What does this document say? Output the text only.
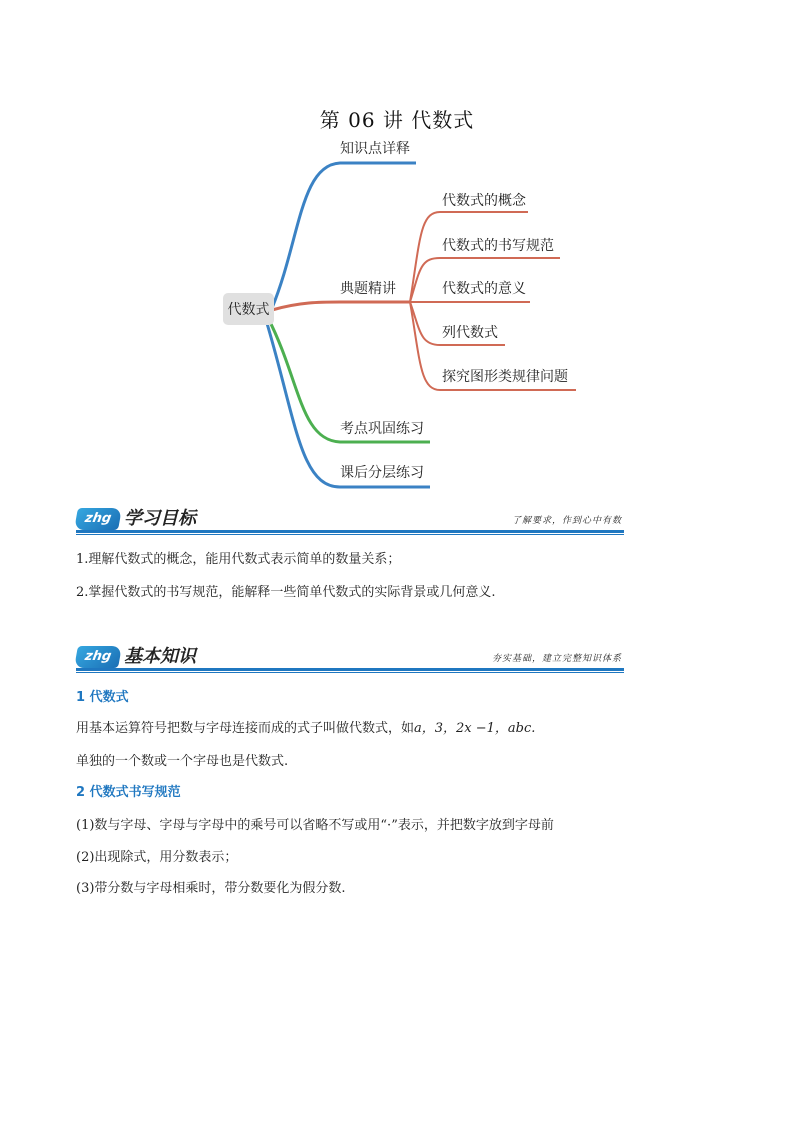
第 06 讲 代数式
代数式
知识点详释
典题精讲
考点巩固练习
课后分层练习
代数式的概念
代数式的书写规范
代数式的意义
列代数式
探究图形类规律问题
zhg 学习目标	了解要求，作到心中有数
1.理解代数式的概念，能用代数式表示简单的数量关系；
2.掌握代数式的书写规范，能解释一些简单代数式的实际背景或几何意义.
zhg 基本知识	夯实基础，建立完整知识体系
1 代数式
用基本运算符号把数与字母连接而成的式子叫做代数式，如a，3，2x −1，abc.
单独的一个数或一个字母也是代数式.
2 代数式书写规范
(1)数与字母、字母与字母中的乘号可以省略不写或用“·”表示，并把数字放到字母前
(2)出现除式，用分数表示；
(3)带分数与字母相乘时，带分数要化为假分数.
